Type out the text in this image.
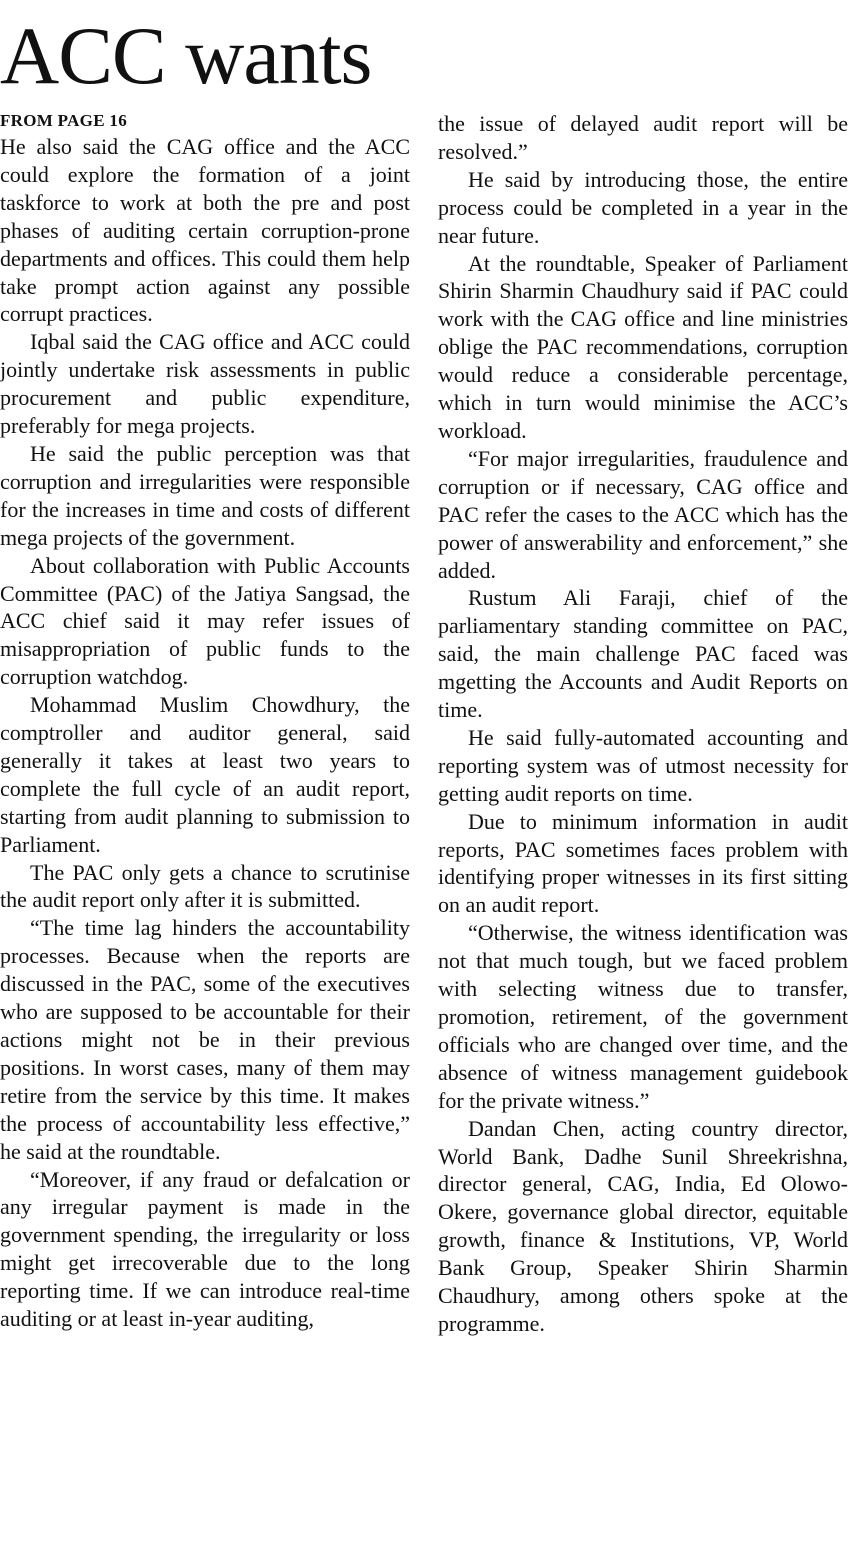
ACC wants
FROM PAGE 16

He also said the CAG office and the ACC could explore the formation of a joint taskforce to work at both the pre and post phases of auditing certain corruption-prone departments and offices. This could them help take prompt action against any possible corrupt practices.

Iqbal said the CAG office and ACC could jointly undertake risk assessments in public procurement and public expenditure, preferably for mega projects.

He said the public perception was that corruption and irregularities were responsible for the increases in time and costs of different mega projects of the government.

About collaboration with Public Accounts Committee (PAC) of the Jatiya Sangsad, the ACC chief said it may refer issues of misappropriation of public funds to the corruption watchdog.

Mohammad Muslim Chowdhury, the comptroller and auditor general, said generally it takes at least two years to complete the full cycle of an audit report, starting from audit planning to submission to Parliament.

The PAC only gets a chance to scrutinise the audit report only after it is submitted.

“The time lag hinders the accountability processes. Because when the reports are discussed in the PAC, some of the executives who are supposed to be accountable for their actions might not be in their previous positions. In worst cases, many of them may retire from the service by this time. It makes the process of accountability less effective,” he said at the roundtable.

“Moreover, if any fraud or defalcation or any irregular payment is made in the government spending, the irregularity or loss might get irrecoverable due to the long reporting time. If we can introduce real-time auditing or at least in-year auditing,

the issue of delayed audit report will be resolved.”

He said by introducing those, the entire process could be completed in a year in the near future.

At the roundtable, Speaker of Parliament Shirin Sharmin Chaudhury said if PAC could work with the CAG office and line ministries oblige the PAC recommendations, corruption would reduce a considerable percentage, which in turn would minimise the ACC’s workload.

“For major irregularities, fraudulence and corruption or if necessary, CAG office and PAC refer the cases to the ACC which has the power of answerability and enforcement,” she added.

Rustum Ali Faraji, chief of the parliamentary standing committee on PAC, said, the main challenge PAC faced was mgetting the Accounts and Audit Reports on time.

He said fully-automated accounting and reporting system was of utmost necessity for getting audit reports on time.

Due to minimum information in audit reports, PAC sometimes faces problem with identifying proper witnesses in its first sitting on an audit report.

“Otherwise, the witness identification was not that much tough, but we faced problem with selecting witness due to transfer, promotion, retirement, of the government officials who are changed over time, and the absence of witness management guidebook for the private witness.”

Dandan Chen, acting country director, World Bank, Dadhe Sunil Shreekrishna, director general, CAG, India, Ed Olowo-Okere, governance global director, equitable growth, finance & Institutions, VP, World Bank Group, Speaker Shirin Sharmin Chaudhury, among others spoke at the programme.
